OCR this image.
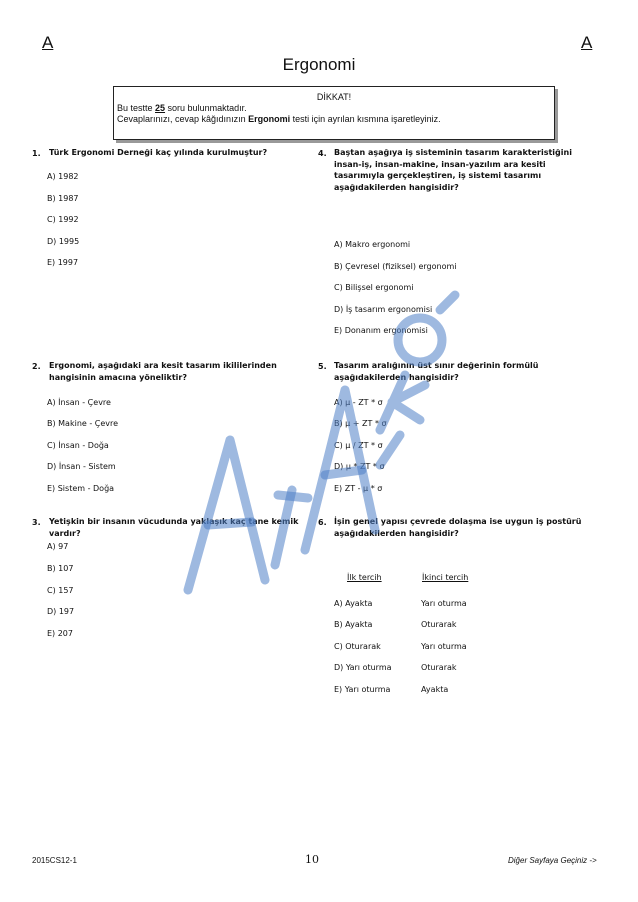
A	A
Ergonomi
DİKKAT!
Bu testte 25 soru bulunmaktadır.
Cevaplarınızı, cevap kâğıdınızın Ergonomi testi için ayrılan kısmına işaretleyiniz.
1. Türk Ergonomi Derneği kaç yılında kurulmuştur?
A) 1982
B) 1987
C) 1992
D) 1995
E) 1997
2. Ergonomi, aşağıdaki ara kesit tasarım ikililerinden hangisinin amacına yöneliktir?
A) İnsan - Çevre
B) Makine - Çevre
C) İnsan - Doğa
D) İnsan - Sistem
E) Sistem - Doğa
3. Yetişkin bir insanın vücudunda yaklaşık kaç tane kemik vardır?
A) 97
B) 107
C) 157
D) 197
E) 207
4. Baştan aşağıya iş sisteminin tasarım karakteristiğini insan-iş, insan-makine, insan-yazılım ara kesiti tasarımıyla gerçekleştiren, iş sistemi tasarımı aşağıdakilerden hangisidir?
A) Makro ergonomi
B) Çevresel (fiziksel) ergonomi
C) Bilişsel ergonomi
D) İş tasarım ergonomisi
E) Donanım ergonomisi
5. Tasarım aralığının üst sınır değerinin formülü aşağıdakilerden hangisidir?
A) µ - ZT * σ
B) µ + ZT * σ
C) µ / ZT * σ
D) µ * ZT * σ
E) ZT - µ * σ
6. İşin genel yapısı çevrede dolaşma ise uygun iş postürü aşağıdakilerden hangisidir?
İlk tercih	İkinci tercih
A) Ayakta	Yarı oturma
B) Ayakta	Oturarak
C) Oturarak	Yarı oturma
D) Yarı oturma	Oturarak
E) Yarı oturma	Ayakta
2015CS12-1	10	Diğer Sayfaya Geçiniz ->
